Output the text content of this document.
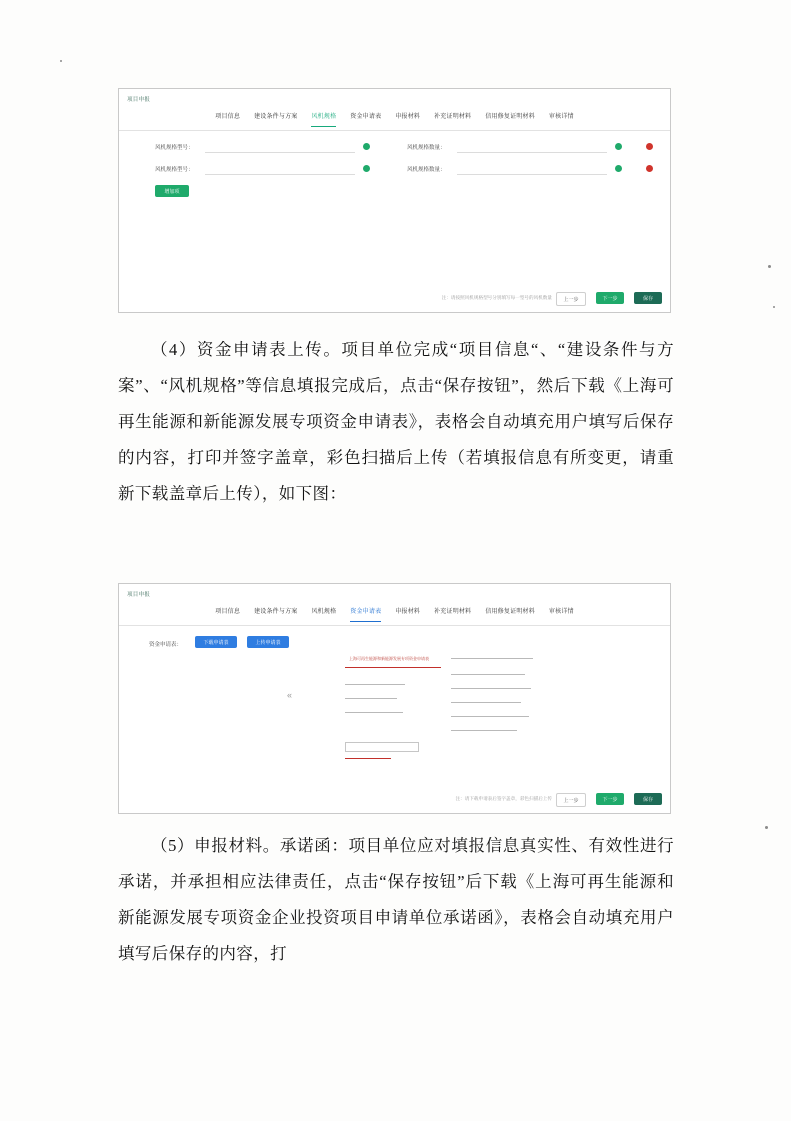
项目申报
项目信息 建设条件与方案 风机规格 资金申请表 申报材料 补充证明材料 信用修复证明材料 审核详情
风机规格型号：	风机规格数量：
风机规格型号：	风机规格数量：
增加项
注：请按照风机规格型号分别填写每一型号的风机数量	上一步	下一步	保存
（4）资金申请表上传。项目单位完成“项目信息“、“建设条件与方案”、“风机规格”等信息填报完成后，点击“保存按钮”，然后下载《上海可再生能源和新能源发展专项资金申请表》，表格会自动填充用户填写后保存的内容，打印并签字盖章，彩色扫描后上传（若填报信息有所变更，请重新下载盖章后上传），如下图：
项目申报
项目信息 建设条件与方案 风机规格 资金申请表 申报材料 补充证明材料 信用修复证明材料 审核详情
资金申请表：	下载申请表	上传申请表
«
上海可再生能源和新能源发展专项资金申请表
注：请下载申请表后签字盖章，彩色扫描后上传	上一步	下一步	保存
（5）申报材料。承诺函：项目单位应对填报信息真实性、有效性进行承诺，并承担相应法律责任，点击“保存按钮”后下载《上海可再生能源和新能源发展专项资金企业投资项目申请单位承诺函》，表格会自动填充用户填写后保存的内容，打
